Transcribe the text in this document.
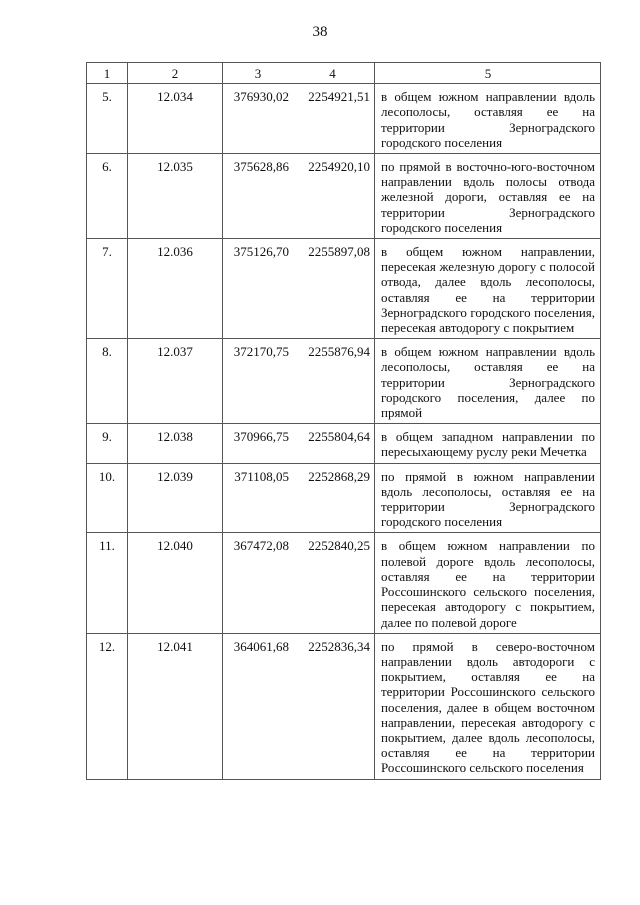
38
1	2	3	4	5
5.	12.034	376930,02	2254921,51	в общем южном направлении вдоль лесополосы, оставляя ее на территории Зерноградского городского поселения
6.	12.035	375628,86	2254920,10	по прямой в восточно-юго-восточном направлении вдоль полосы отвода железной дороги, оставляя ее на территории Зерноградского городского поселения
7.	12.036	375126,70	2255897,08	в общем южном направлении, пересекая железную дорогу с полосой отвода, далее вдоль лесополосы, оставляя ее на территории Зерноградского городского поселения, пересекая автодорогу с покрытием
8.	12.037	372170,75	2255876,94	в общем южном направлении вдоль лесополосы, оставляя ее на территории Зерноградского городского поселения, далее по прямой
9.	12.038	370966,75	2255804,64	в общем западном направлении по пересыхающему руслу реки Мечетка
10.	12.039	371108,05	2252868,29	по прямой в южном направлении вдоль лесополосы, оставляя ее на территории Зерноградского городского поселения
11.	12.040	367472,08	2252840,25	в общем южном направлении по полевой дороге вдоль лесополосы, оставляя ее на территории Россошинского сельского поселения, пересекая автодорогу с покрытием, далее по полевой дороге
12.	12.041	364061,68	2252836,34	по прямой в северо-восточном направлении вдоль автодороги с покрытием, оставляя ее на территории Россошинского сельского поселения, далее в общем восточном направлении, пересекая автодорогу с покрытием, далее вдоль лесополосы, оставляя ее на территории Россошинского сельского поселения
